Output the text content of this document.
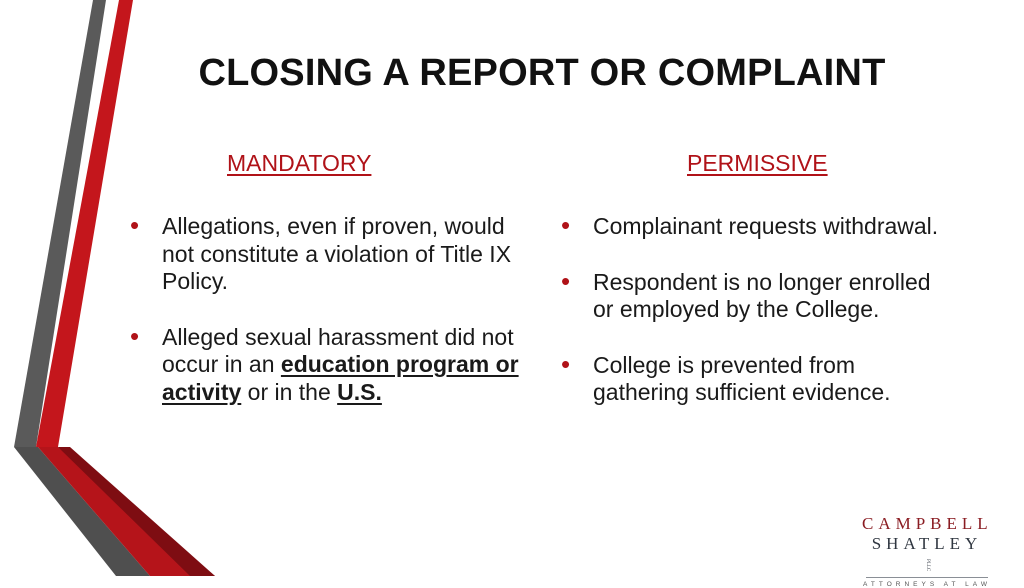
CLOSING A REPORT OR COMPLAINT
MANDATORY	PERMISSIVE
• Allegations, even if proven, would not constitute a violation of Title IX Policy.
• Alleged sexual harassment did not occur in an education program or activity or in the U.S.
• Complainant requests withdrawal.
• Respondent is no longer enrolled or employed by the College.
• College is prevented from gathering sufficient evidence.
CAMPBELL
SHATLEYPLLC
ATTORNEYS AT LAW
